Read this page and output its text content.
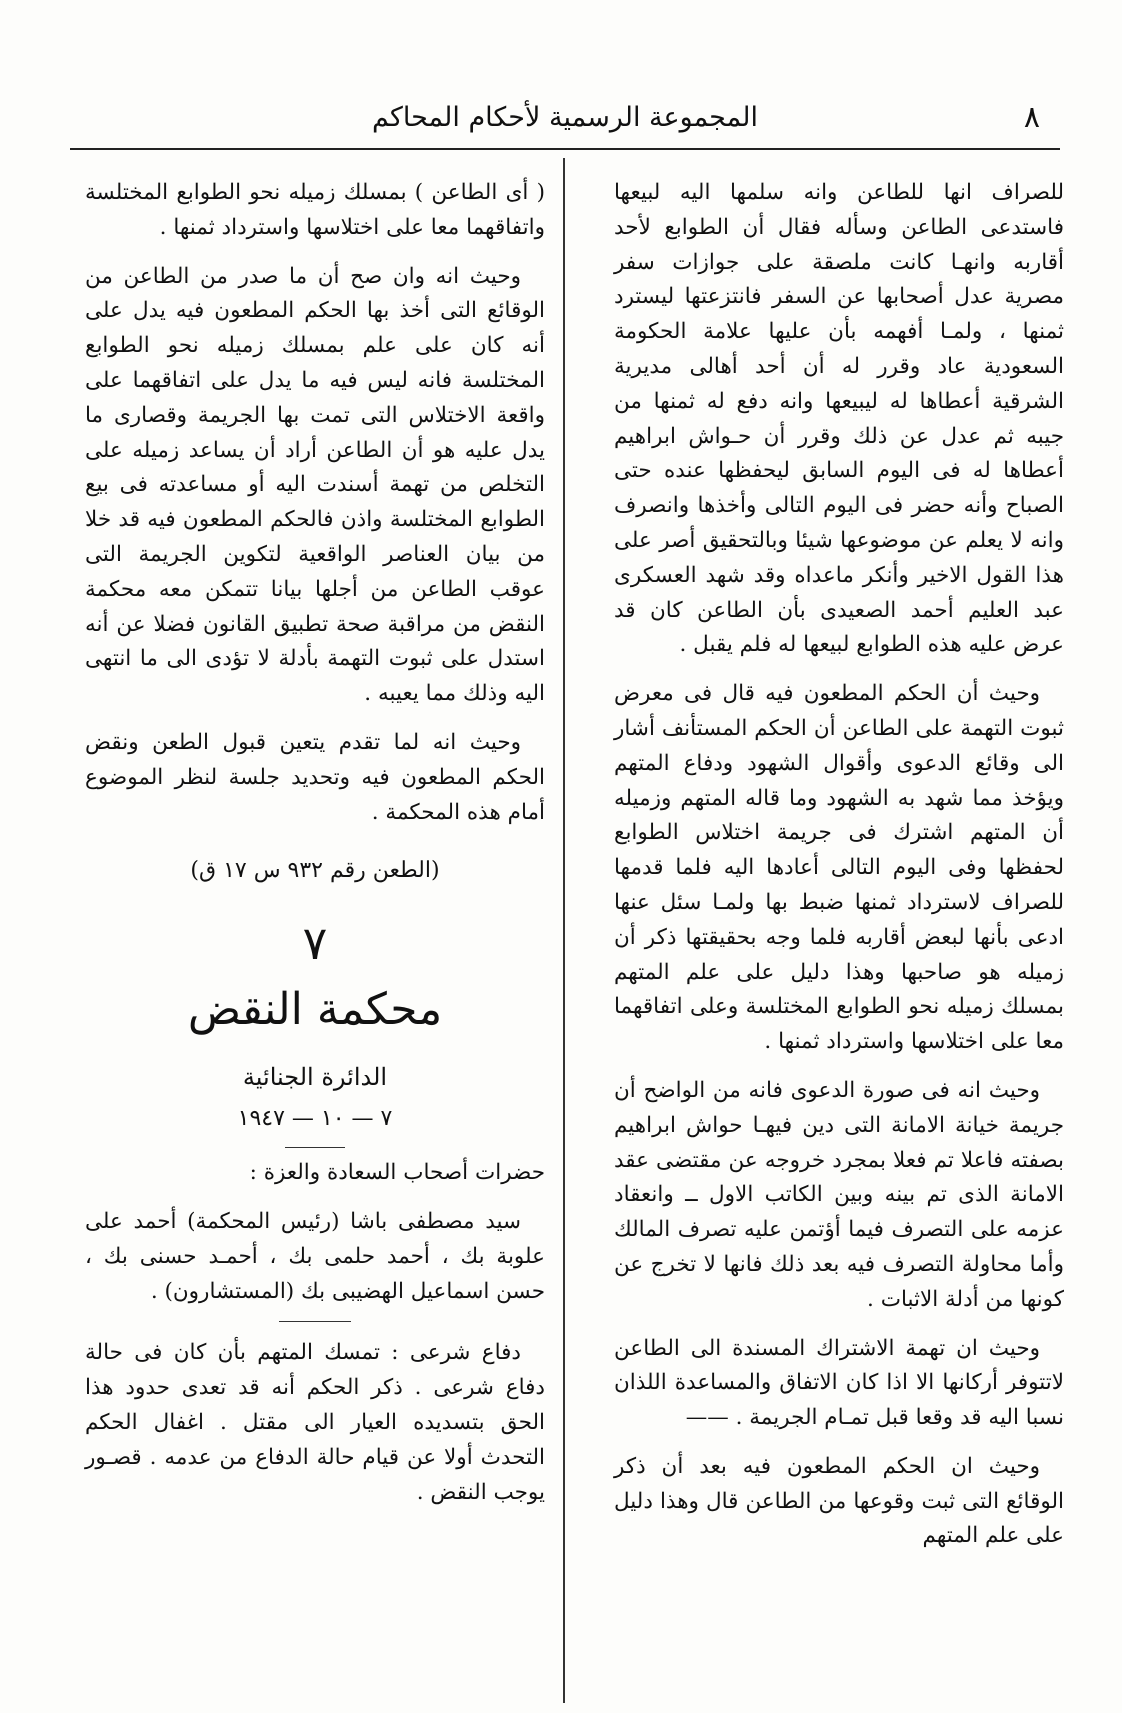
٨
المجموعة الرسمية لأحكام المحاكم

للصراف انها للطاعن وانه سلمها اليه لبيعها فاستدعى الطاعن وسأله فقال أن الطوابع لأحد أقاربه وانهـا كانت ملصقة على جوازات سفر مصرية عدل أصحابها عن السفر فانتزعتها ليسترد ثمنها ، ولمـا أفهمه بأن عليها علامة الحكومة السعودية عاد وقرر له أن أحد أهالى مديرية الشرقية أعطاها له ليبيعها وانه دفع له ثمنها من جيبه ثم عدل عن ذلك وقرر أن حـواش ابراهيم أعطاها له فى اليوم السابق ليحفظها عنده حتى الصباح وأنه حضر فى اليوم التالى وأخذها وانصرف وانه لا يعلم عن موضوعها شيئا وبالتحقيق أصر على هذا القول الاخير وأنكر ماعداه وقد شهد العسكرى عبد العليم أحمد الصعيدى بأن الطاعن كان قد عرض عليه هذه الطوابع لبيعها له فلم يقبل .

وحيث أن الحكم المطعون فيه قال فى معرض ثبوت التهمة على الطاعن أن الحكم المستأنف أشار الى وقائع الدعوى وأقوال الشهود ودفاع المتهم ويؤخذ مما شهد به الشهود وما قاله المتهم وزميله أن المتهم اشترك فى جريمة اختلاس الطوابع لحفظها وفى اليوم التالى أعادها اليه فلما قدمها للصراف لاسترداد ثمنها ضبط بها ولمـا سئل عنها ادعى بأنها لبعض أقاربه فلما وجه بحقيقتها ذكر أن زميله هو صاحبها وهذا دليل على علم المتهم بمسلك زميله نحو الطوابع المختلسة وعلى اتفاقهما معا على اختلاسها واسترداد ثمنها .

وحيث انه فى صورة الدعوى فانه من الواضح أن جريمة خيانة الامانة التى دين فيهـا حواش ابراهيم بصفته فاعلا تم فعلا بمجرد خروجه عن مقتضى عقد الامانة الذى تم بينه وبين الكاتب الاول ــ وانعقاد عزمه على التصرف فيما أؤتمن عليه تصرف المالك وأما محاولة التصرف فيه بعد ذلك فانها لا تخرج عن كونها من أدلة الاثبات .

وحيث ان تهمة الاشتراك المسندة الى الطاعن لاتتوفر أركانها الا اذا كان الاتفاق والمساعدة اللذان نسبا اليه قد وقعا قبل تمـام الجريمة . ——

وحيث ان الحكم المطعون فيه بعد أن ذكر الوقائع التى ثبت وقوعها من الطاعن قال وهذا دليل على علم المتهم

( أى الطاعن ) بمسلك زميله نحو الطوابع المختلسة واتفاقهما معا على اختلاسها واسترداد ثمنها .

وحيث انه وان صح أن ما صدر من الطاعن من الوقائع التى أخذ بها الحكم المطعون فيه يدل على أنه كان على علم بمسلك زميله نحو الطوابع المختلسة فانه ليس فيه ما يدل على اتفاقهما على واقعة الاختلاس التى تمت بها الجريمة وقصارى ما يدل عليه هو أن الطاعن أراد أن يساعد زميله على التخلص من تهمة أسندت اليه أو مساعدته فى بيع الطوابع المختلسة واذن فالحكم المطعون فيه قد خلا من بيان العناصر الواقعية لتكوين الجريمة التى عوقب الطاعن من أجلها بيانا تتمكن معه محكمة النقض من مراقبة صحة تطبيق القانون فضلا عن أنه استدل على ثبوت التهمة بأدلة لا تؤدى الى ما انتهى اليه وذلك مما يعيبه .

وحيث انه لما تقدم يتعين قبول الطعن ونقض الحكم المطعون فيه وتحديد جلسة لنظر الموضوع أمام هذه المحكمة .

(الطعن رقم ٩٣٢ س ١٧ ق)
٧
محكمة النقض
الدائرة الجنائية
٧ — ١٠ — ١٩٤٧

حضرات أصحاب السعادة والعزة :

سيد مصطفى باشا (رئيس المحكمة) أحمد على علوبة بك ، أحمد حلمى بك ، أحمـد حسنى بك ، حسن اسماعيل الهضيبى بك (المستشارون) .

دفاع شرعى : تمسك المتهم بأن كان فى حالة دفاع شرعى . ذكر الحكم أنه قد تعدى حدود هذا الحق بتسديده العيار الى مقتل . اغفال الحكم التحدث أولا عن قيام حالة الدفاع من عدمه . قصـور يوجب النقض .
